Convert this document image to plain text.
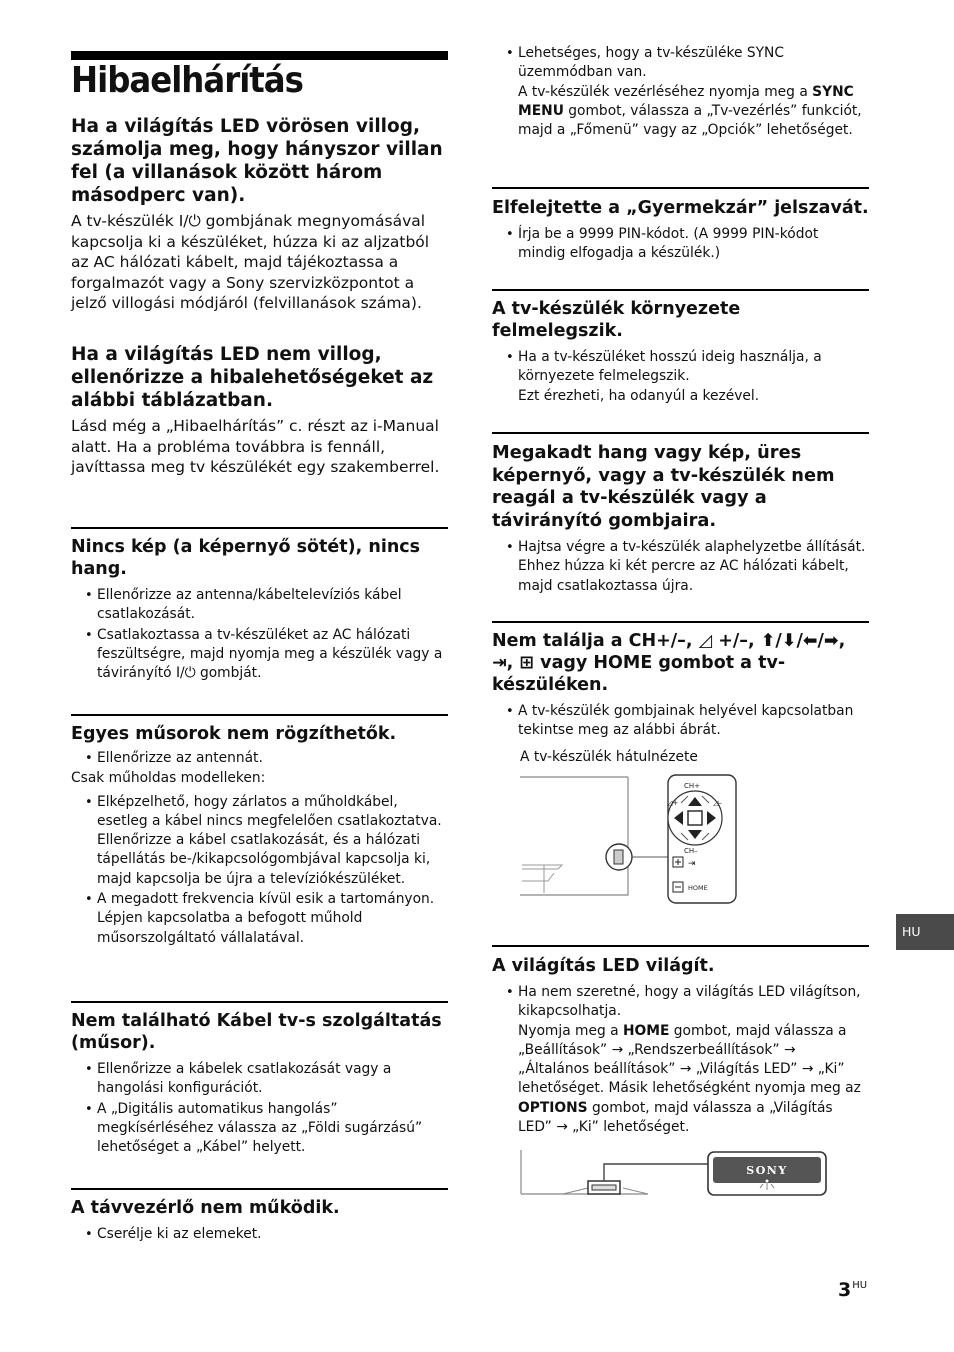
Hibaelhárítás

Ha a világítás LED vörösen villog, számolja meg, hogy hányszor villan fel (a villanások között három másodperc van).

A tv-készülék I/⏻ gombjának megnyomásával kapcsolja ki a készüléket, húzza ki az aljzatból az AC hálózati kábelt, majd tájékoztassa a forgalmazót vagy a Sony szervizközpontot a jelző villogási módjáról (felvillanások száma).

Ha a világítás LED nem villog, ellenőrizze a hibalehetőségeket az alábbi táblázatban.

Lásd még a „Hibaelhárítás” c. részt az i-Manual alatt. Ha a probléma továbbra is fennáll, javíttassa meg tv készülékét egy szakemberrel.

Nincs kép (a képernyő sötét), nincs hang.

• Ellenőrizze az antenna/kábeltelevíziós kábel csatlakozását.
• Csatlakoztassa a tv-készüléket az AC hálózati feszültségre, majd nyomja meg a készülék vagy a távirányító I/⏻ gombját.

Egyes műsorok nem rögzíthetők.

• Ellenőrizze az antennát.

Csak műholdas modelleken:

• Elképzelhető, hogy zárlatos a műholdkábel, esetleg a kábel nincs megfelelően csatlakoztatva. Ellenőrizze a kábel csatlakozását, és a hálózati tápellátás be-/kikapcsológombjával kapcsolja ki, majd kapcsolja be újra a televíziókészüléket.
• A megadott frekvencia kívül esik a tartományon. Lépjen kapcsolatba a befogott műhold műsorszolgáltató vállalatával.

Nem található Kábel tv-s szolgáltatás (műsor).

• Ellenőrizze a kábelek csatlakozását vagy a hangolási konfigurációt.
• A „Digitális automatikus hangolás” megkísérléséhez válassza az „Földi sugárzású” lehetőséget a „Kábel” helyett.

A távvezérlő nem működik.

• Cserélje ki az elemeket.
• Lehetséges, hogy a tv-készüléke SYNC üzemmódban van.
A tv-készülék vezérléséhez nyomja meg a SYNC MENU gombot, válassza a „Tv-vezérlés” funkciót, majd a „Főmenü” vagy az „Opciók” lehetőséget.

Elfelejtette a „Gyermekzár” jelszavát.

• Írja be a 9999 PIN-kódot. (A 9999 PIN-kódot mindig elfogadja a készülék.)

A tv-készülék környezete felmelegszik.

• Ha a tv-készüléket hosszú ideig használja, a környezete felmelegszik.
Ezt érezheti, ha odanyúl a kezével.

Megakadt hang vagy kép, üres képernyő, vagy a tv-készülék nem reagál a tv-készülék vagy a távirányító gombjaira.

• Hajtsa végre a tv-készülék alaphelyzetbe állítását. Ehhez húzza ki két percre az AC hálózati kábelt, majd csatlakoztassa újra.

Nem találja a CH+/–, ◿ +/–, ⬆/⬇/⬅/➡, ⇥, ⊞ vagy HOME gombot a tv-készüléken.

• A tv-készülék gombjainak helyével kapcsolatban tekintse meg az alábbi ábrát.
A tv-készülék hátulnézete
CH+
CH–
◿+	◿–
⇥
HOME

A világítás LED világít.

• Ha nem szeretné, hogy a világítás LED világítson, kikapcsolhatja.
Nyomja meg a HOME gombot, majd válassza a „Beállítások” → „Rendszerbeállítások” → „Általános beállítások” → „Világítás LED” → „Ki” lehetőséget. Másik lehetőségként nyomja meg az OPTIONS gombot, majd válassza a „Világítás LED” → „Ki” lehetőséget.
SONY
HU
$3^{HU}$
